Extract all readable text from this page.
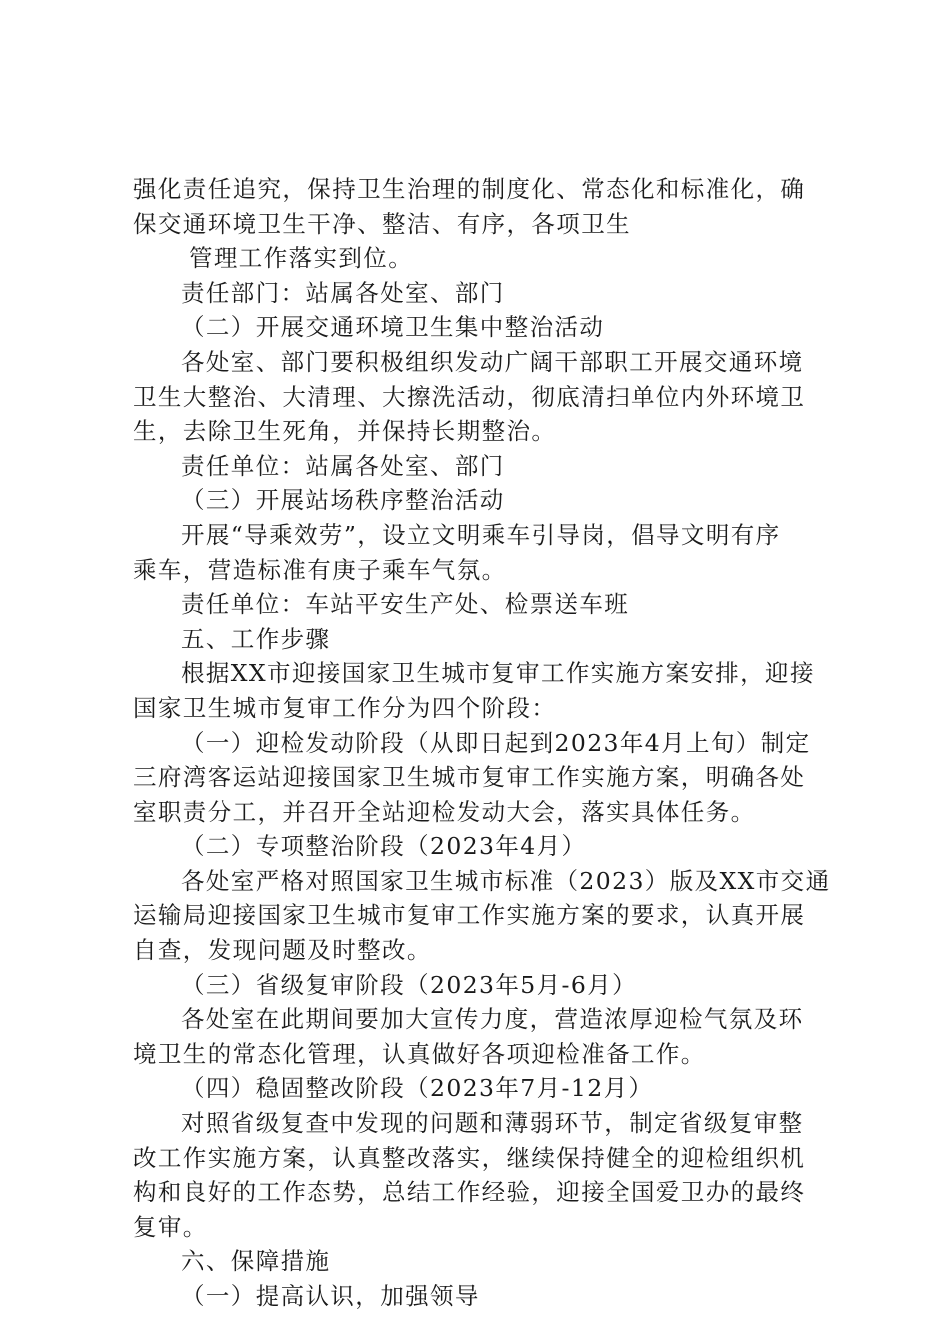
强化责任追究，保持卫生治理的制度化、常态化和标准化，确
保交通环境卫生干净、整洁、有序，各项卫生
管理工作落实到位。
责任部门：站属各处室、部门
（二）开展交通环境卫生集中整治活动
各处室、部门要积极组织发动广阔干部职工开展交通环境
卫生大整治、大清理、大擦洗活动，彻底清扫单位内外环境卫
生，去除卫生死角，并保持长期整治。
责任单位：站属各处室、部门
（三）开展站场秩序整治活动
开展“导乘效劳”，设立文明乘车引导岗，倡导文明有序
乘车，营造标准有庚子乘车气氛。
责任单位：车站平安生产处、检票送车班
五、工作步骤
根据XX市迎接国家卫生城市复审工作实施方案安排，迎接
国家卫生城市复审工作分为四个阶段：
（一）迎检发动阶段（从即日起到2023年4月上旬）制定
三府湾客运站迎接国家卫生城市复审工作实施方案，明确各处
室职责分工，并召开全站迎检发动大会，落实具体任务。
（二）专项整治阶段（2023年4月）
各处室严格对照国家卫生城市标准（2023）版及XX市交通
运输局迎接国家卫生城市复审工作实施方案的要求，认真开展
自查，发现问题及时整改。
（三）省级复审阶段（2023年5月-6月）
各处室在此期间要加大宣传力度，营造浓厚迎检气氛及环
境卫生的常态化管理，认真做好各项迎检准备工作。
（四）稳固整改阶段（2023年7月-12月）
对照省级复查中发现的问题和薄弱环节，制定省级复审整
改工作实施方案，认真整改落实，继续保持健全的迎检组织机
构和良好的工作态势，总结工作经验，迎接全国爱卫办的最终
复审。
六、保障措施
（一）提高认识，加强领导
